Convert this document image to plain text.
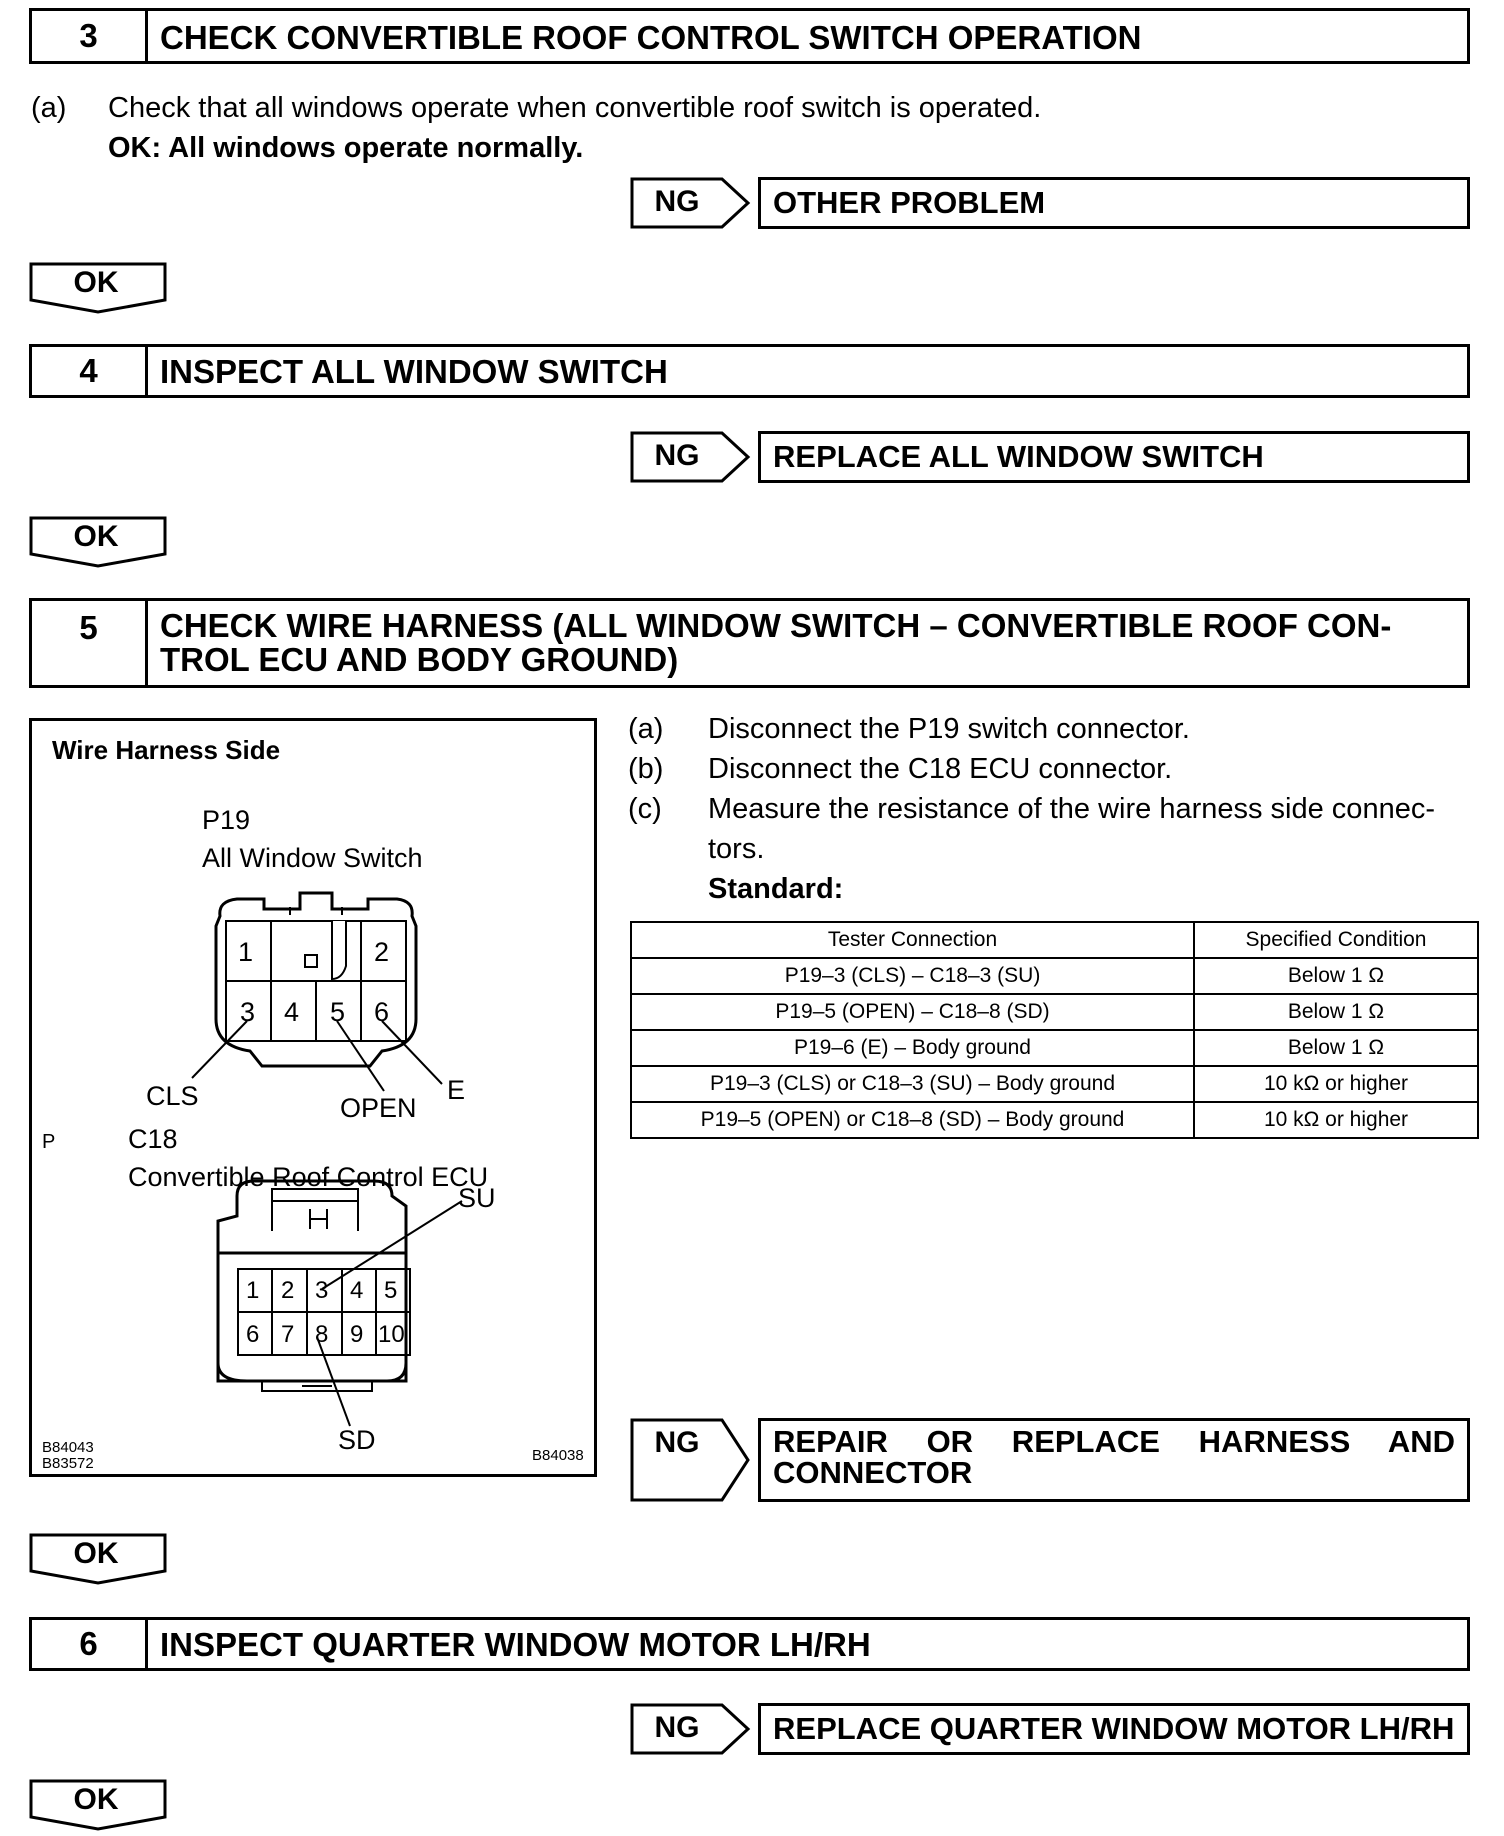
3	CHECK CONVERTIBLE ROOF CONTROL SWITCH OPERATION
(a) Check that all windows operate when convertible roof switch is operated.
OK: All windows operate normally.
NG	OTHER PROBLEM
OK
4	INSPECT ALL WINDOW SWITCH
NG	REPLACE ALL WINDOW SWITCH
OK
5	CHECK WIRE HARNESS (ALL WINDOW SWITCH – CONVERTIBLE ROOF CON-
TROL ECU AND BODY GROUND)
Wire Harness Side
P19
All Window Switch
1	2
3 4 5 6
CLS	OPEN
E
P	C18
Convertible Roof Control ECU
1 2 3 4 5
6 7 8 9 10
SU
SD
B84043
B83572	B84038
(a) Disconnect the P19 switch connector.
(b) Disconnect the C18 ECU connector.
(c) Measure the resistance of the wire harness side connec-
tors.
Standard:
Tester Connection	Specified Condition
P19–3 (CLS) – C18–3 (SU)	Below 1 Ω
P19–5 (OPEN) – C18–8 (SD)	Below 1 Ω
P19–6 (E) – Body ground	Below 1 Ω
P19–3 (CLS) or C18–3 (SU) – Body ground	10 kΩ or higher
P19–5 (OPEN) or C18–8 (SD) – Body ground	10 kΩ or higher
NG	REPAIR OR REPLACE HARNESS AND
CONNECTOR
OK
6	INSPECT QUARTER WINDOW MOTOR LH/RH
NG	REPLACE QUARTER WINDOW MOTOR LH/RH
OK
